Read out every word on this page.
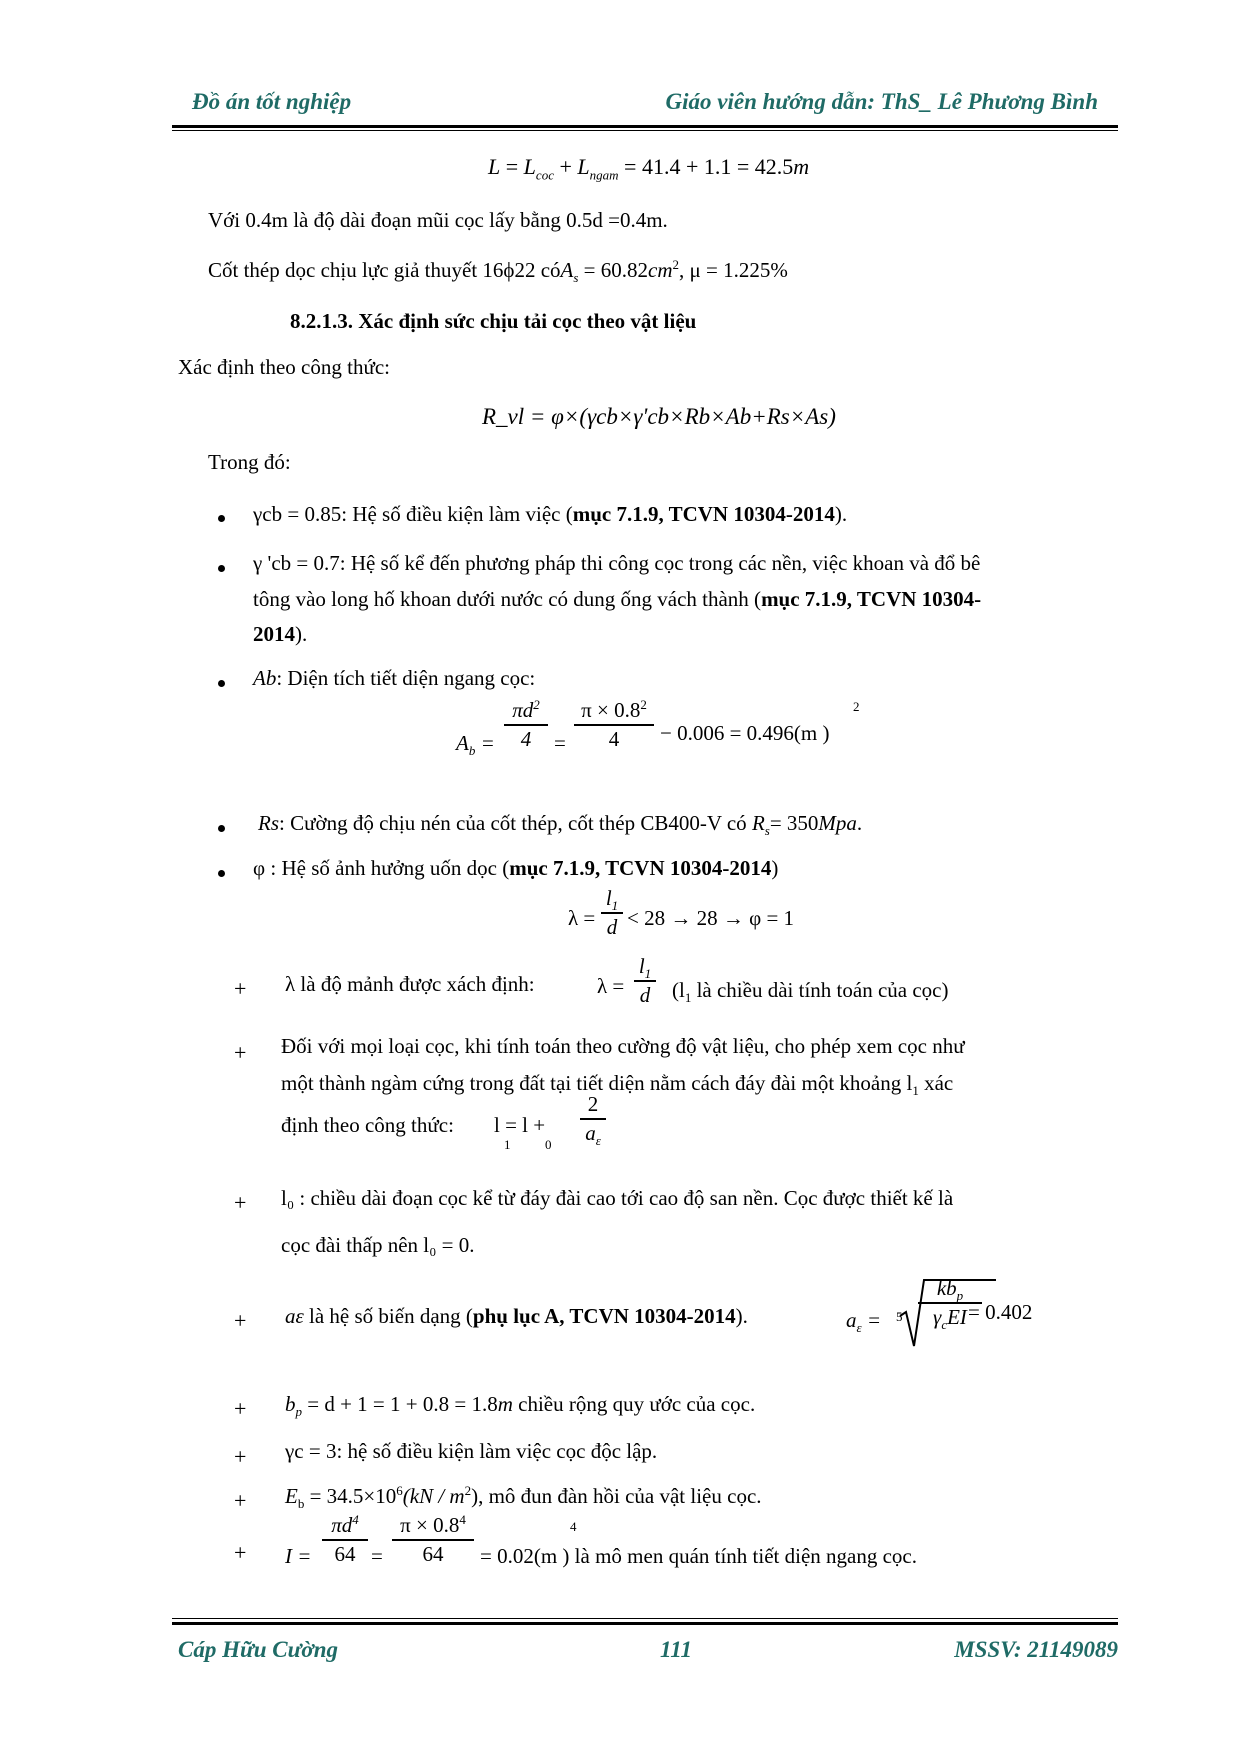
Đồ án tốt nghiệp	Giáo viên hướng dẫn: ThS_ Lê Phương Bình
$L = L_{coc} + L_{ngam} = 41.4 + 1.1 = 42.5m$
Với 0.4m là độ dài đoạn mũi cọc lấy bằng 0.5d =0.4m.
Cốt thép dọc chịu lực giả thuyết 16ϕ22 cóA$_s$ = $60.82cm^2$, μ = 1.225%
8.2.1.3. Xác định sức chịu tải cọc theo vật liệu
Xác định theo công thức:
R_vl = φ×(γcb×γ'cb×Rb×Ab+Rs×As)
Trong đó:
γcb = 0.85: Hệ số điều kiện làm việc (mục 7.1.9, TCVN 10304-2014).
γ 'cb = 0.7: Hệ số kể đến phương pháp thi công cọc trong các nền, việc khoan và đổ bê
tông vào long hố khoan dưới nước có dung ống vách thành (mục 7.1.9, TCVN 10304-
2014).
Ab: Diện tích tiết diện ngang cọc:
$A_b$ =
$\pi d^2$
4	=
$\pi \times 0.8^2$
4	− 0.006 = 0.496(m )
2
Rs: Cường độ chịu nén của cốt thép, cốt thép CB400-V có $R_s= 350Mpa$.
φ : Hệ số ảnh hưởng uốn dọc (mục 7.1.9, TCVN 10304-2014)
λ =
$l_1$
d < 28 → 28 → φ = 1
+ λ là độ mảnh được xách định:	λ =
$l_1$
d ($l_1$ là chiều dài tính toán của cọc)
+ Đối với mọi loại cọc, khi tính toán theo cường độ vật liệu, cho phép xem cọc như
một thành ngàm cứng trong đất tại tiết diện nằm cách đáy đài một khoảng $l_1$ xác
định theo công thức: l = l +
1	0
2
$a_\varepsilon$
+ l₀ : chiều dài đoạn cọc kể từ đáy đài cao tới cao độ san nền. Cọc được thiết kế là
cọc đài thấp nên l₀ = 0.
+ aε là hệ số biến dạng (phụ lục A, TCVN 10304-2014).	$a_\varepsilon = 5$
$kb_p$
$\gamma_cEI = 0.402$
+ $b_p = d + 1 = 1 + 0.8 = 1.8m$ chiều rộng quy ước của cọc.
+ γc = 3: hệ số điều kiện làm việc cọc độc lập.
+ $E_b = 34.5\times 10^6(kN / m^2)$, mô đun đàn hồi của vật liệu cọc.
+ I =
$\pi d^4$
64 =
$\pi \times 0.8^4$
64	= 0.02(m ) là mô men quán tính tiết diện ngang cọc.
4
Cáp Hữu Cường	111	MSSV: 21149089
